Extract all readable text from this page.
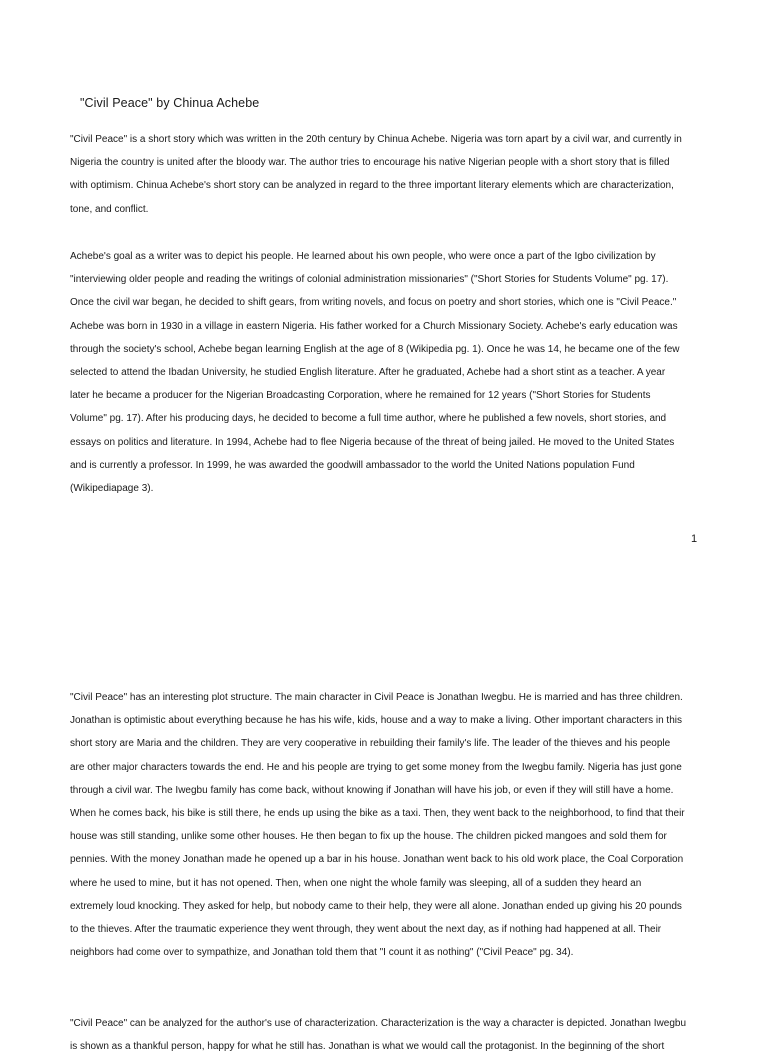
"Civil Peace" by Chinua Achebe
"Civil Peace" is a short story which was written in the 20th century by Chinua Achebe. Nigeria was torn apart by a civil war, and currently in
Nigeria the country is united after the bloody war. The author tries to encourage his native Nigerian people with a short story that is filled
with optimism. Chinua Achebe's short story can be analyzed in regard to the three important literary elements which are characterization,
tone, and conflict.
Achebe's goal as a writer was to depict his people. He learned about his own people, who were once a part of the Igbo civilization by
"interviewing older people and reading the writings of colonial administration missionaries" ("Short Stories for Students Volume" pg. 17).
Once the civil war began, he decided to shift gears, from writing novels, and focus on poetry and short stories, which one is "Civil Peace."
Achebe was born in 1930 in a village in eastern Nigeria. His father worked for a Church Missionary Society. Achebe's early education was
through the society's school, Achebe began learning English at the age of 8 (Wikipedia pg. 1). Once he was 14, he became one of the few
selected to attend the Ibadan University, he studied English literature. After he graduated, Achebe had a short stint as a teacher. A year
later he became a producer for the Nigerian Broadcasting Corporation, where he remained for 12 years ("Short Stories for Students
Volume" pg. 17). After his producing days, he decided to become a full time author, where he published a few novels, short stories, and
essays on politics and literature. In 1994, Achebe had to flee Nigeria because of the threat of being jailed. He moved to the United States
and is currently a professor. In 1999, he was awarded the goodwill ambassador to the world the United Nations population Fund
(Wikipediapage 3).
1
"Civil Peace" has an interesting plot structure. The main character in Civil Peace is Jonathan Iwegbu. He is married and has three children.
Jonathan is optimistic about everything because he has his wife, kids, house and a way to make a living. Other important characters in this
short story are Maria and the children. They are very cooperative in rebuilding their family's life. The leader of the thieves and his people
are other major characters towards the end. He and his people are trying to get some money from the Iwegbu family. Nigeria has just gone
through a civil war. The Iwegbu family has come back, without knowing if Jonathan will have his job, or even if they will still have a home.
When he comes back, his bike is still there, he ends up using the bike as a taxi. Then, they went back to the neighborhood, to find that their
house was still standing, unlike some other houses. He then began to fix up the house. The children picked mangoes and sold them for
pennies. With the money Jonathan made he opened up a bar in his house. Jonathan went back to his old work place, the Coal Corporation
where he used to mine, but it has not opened. Then, when one night the whole family was sleeping, all of a sudden they heard an
extremely loud knocking. They asked for help, but nobody came to their help, they were all alone. Jonathan ended up giving his 20 pounds
to the thieves. After the traumatic experience they went through, they went about the next day, as if nothing had happened at all. Their
neighbors had come over to sympathize, and Jonathan told them that "I count it as nothing" ("Civil Peace" pg. 34).
"Civil Peace" can be analyzed for the author's use of characterization. Characterization is the way a character is depicted. Jonathan Iwegbu
is shown as a thankful person, happy for what he still has. Jonathan is what we would call the protagonist. In the beginning of the short
